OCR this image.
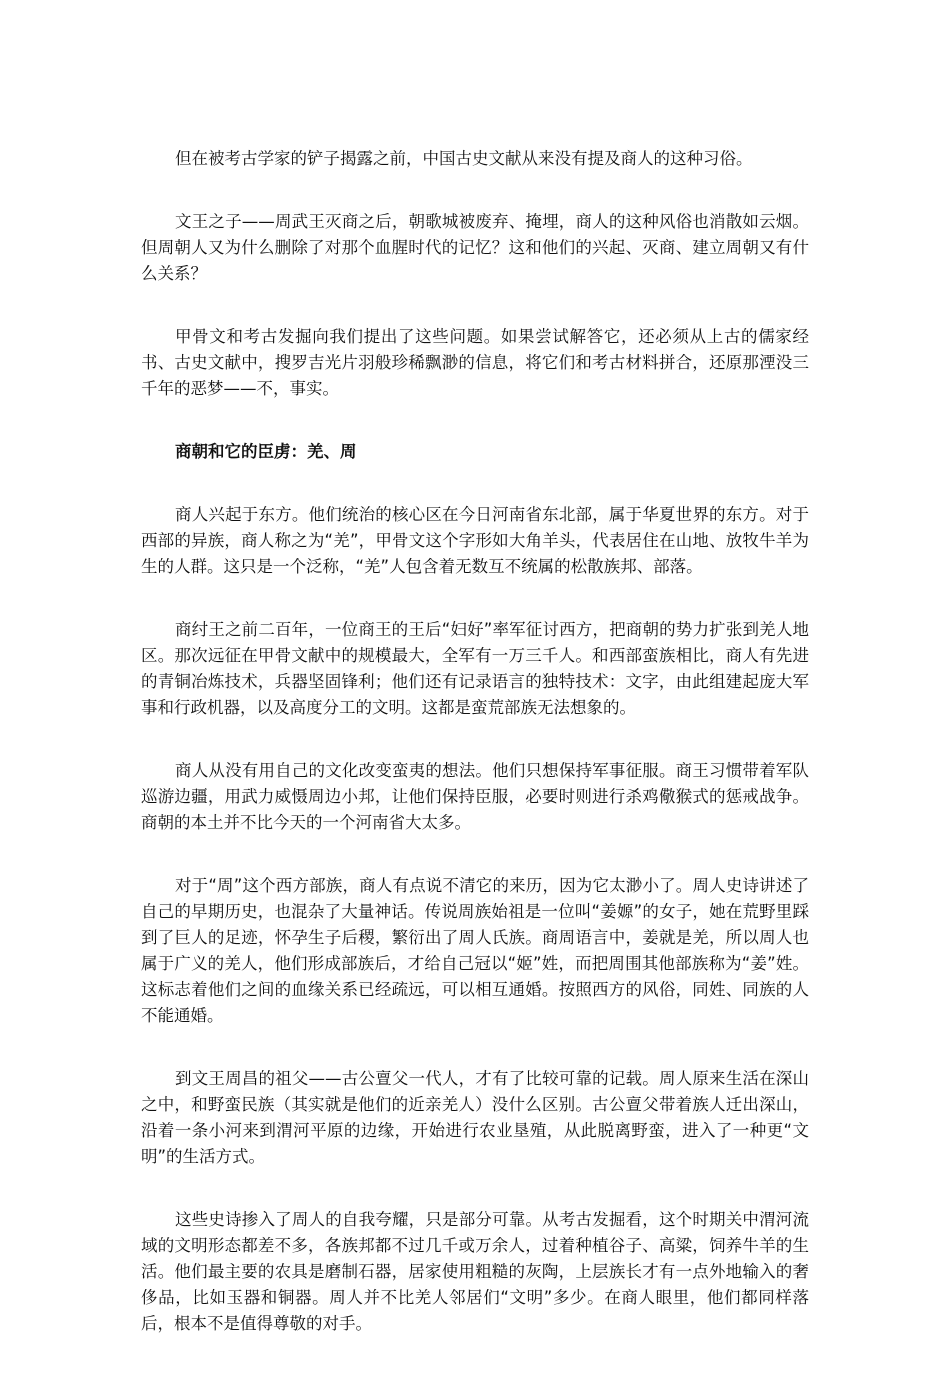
但在被考古学家的铲子揭露之前，中国古史文献从来没有提及商人的这种习俗。

文王之子——周武王灭商之后，朝歌城被废弃、掩埋，商人的这种风俗也消散如云烟。但周朝人又为什么删除了对那个血腥时代的记忆？这和他们的兴起、灭商、建立周朝又有什么关系？

甲骨文和考古发掘向我们提出了这些问题。如果尝试解答它，还必须从上古的儒家经书、古史文献中，搜罗吉光片羽般珍稀飘渺的信息，将它们和考古材料拼合，还原那湮没三千年的恶梦——不，事实。

商朝和它的臣虏：羌、周

商人兴起于东方。他们统治的核心区在今日河南省东北部，属于华夏世界的东方。对于西部的异族，商人称之为“羌”，甲骨文这个字形如大角羊头，代表居住在山地、放牧牛羊为生的人群。这只是一个泛称，“羌”人包含着无数互不统属的松散族邦、部落。

商纣王之前二百年，一位商王的王后“妇好”率军征讨西方，把商朝的势力扩张到羌人地区。那次远征在甲骨文献中的规模最大，全军有一万三千人。和西部蛮族相比，商人有先进的青铜冶炼技术，兵器坚固锋利；他们还有记录语言的独特技术：文字，由此组建起庞大军事和行政机器，以及高度分工的文明。这都是蛮荒部族无法想象的。

商人从没有用自己的文化改变蛮夷的想法。他们只想保持军事征服。商王习惯带着军队巡游边疆，用武力威慑周边小邦，让他们保持臣服，必要时则进行杀鸡儆猴式的惩戒战争。商朝的本土并不比今天的一个河南省大太多。

对于“周”这个西方部族，商人有点说不清它的来历，因为它太渺小了。周人史诗讲述了自己的早期历史，也混杂了大量神话。传说周族始祖是一位叫“姜嫄”的女子，她在荒野里踩到了巨人的足迹，怀孕生子后稷，繁衍出了周人氏族。商周语言中，姜就是羌，所以周人也属于广义的羌人，他们形成部族后，才给自己冠以“姬”姓，而把周围其他部族称为“姜”姓。这标志着他们之间的血缘关系已经疏远，可以相互通婚。按照西方的风俗，同姓、同族的人不能通婚。

到文王周昌的祖父——古公亶父一代人，才有了比较可靠的记载。周人原来生活在深山之中，和野蛮民族（其实就是他们的近亲羌人）没什么区别。古公亶父带着族人迁出深山，沿着一条小河来到渭河平原的边缘，开始进行农业垦殖，从此脱离野蛮，进入了一种更“文明”的生活方式。

这些史诗掺入了周人的自我夸耀，只是部分可靠。从考古发掘看，这个时期关中渭河流域的文明形态都差不多，各族邦都不过几千或万余人，过着种植谷子、高粱，饲养牛羊的生活。他们最主要的农具是磨制石器，居家使用粗糙的灰陶，上层族长才有一点外地输入的奢侈品，比如玉器和铜器。周人并不比羌人邻居们“文明”多少。在商人眼里，他们都同样落后，根本不是值得尊敬的对手。
